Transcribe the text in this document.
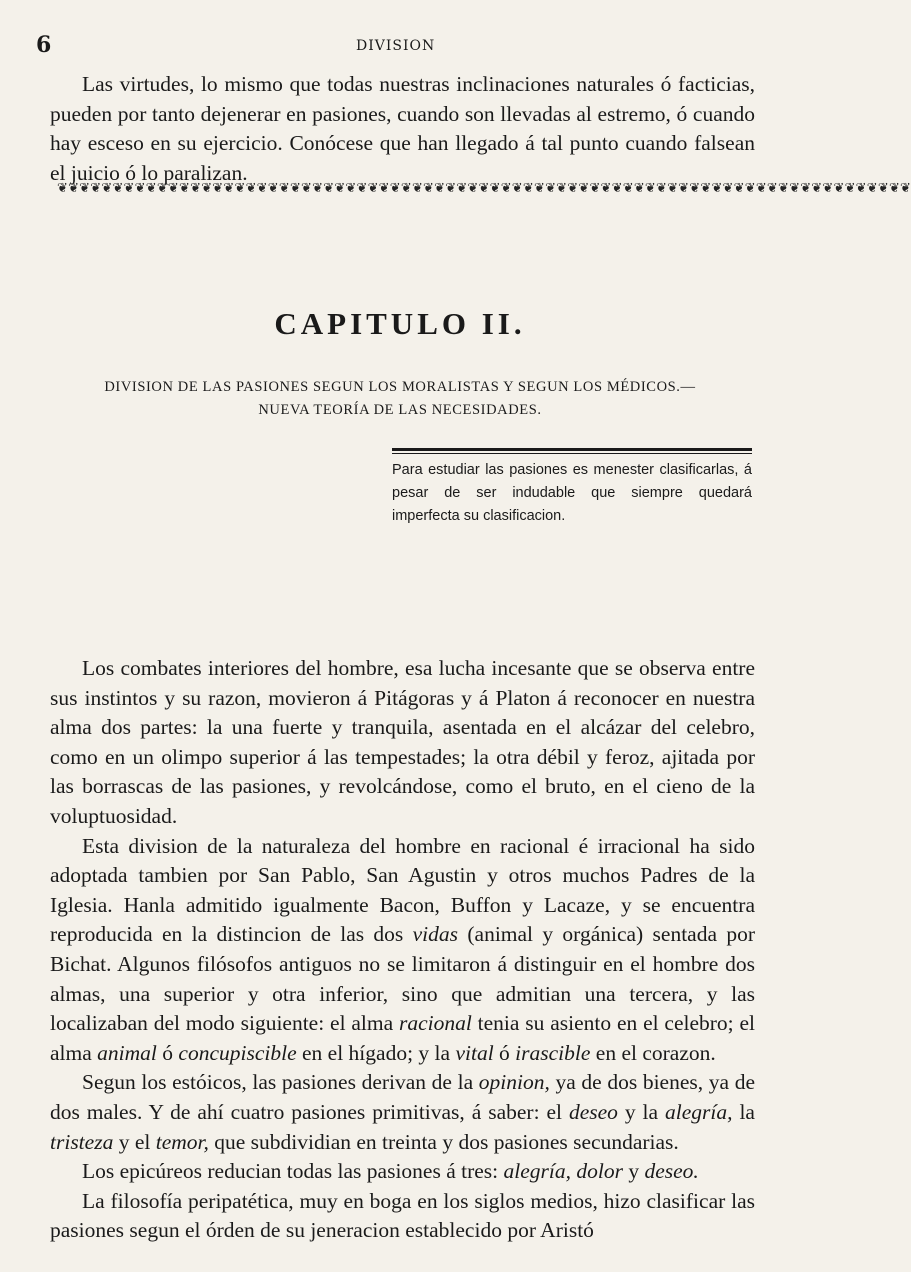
6	DIVISION

Las virtudes, lo mismo que todas nuestras inclinaciones naturales ó facticias, pueden por tanto dejenerar en pasiones, cuando son llevadas al estremo, ó cuando hay esceso en su ejercicio. Conócese que han llegado á tal punto cuando falsean el juicio ó lo paralizan.

❦❦❦❦❦❦❦❦❦❦❦❦❦❦❦❦❦❦❦❦❦❦❦❦❦❦❦❦❦❦❦❦❦❦❦❦❦❦❦❦❦❦❦❦❦❦❦❦❦❦❦❦❦❦❦❦❦❦❦❦❦❦❦❦❦❦❦❦❦❦❦❦❦❦❦❦❦
CAPITULO II.
DIVISION DE LAS PASIONES SEGUN LOS MORALISTAS Y SEGUN LOS MÉDICOS.—
NUEVA TEORÍA DE LAS NECESIDADES.

Para estudiar las pasiones es menester clasificarlas, á pesar de ser indudable que siempre quedará imperfecta su clasificacion.

Los combates interiores del hombre, esa lucha incesante que se observa entre sus instintos y su razon, movieron á Pitágoras y á Platon á reconocer en nuestra alma dos partes: la una fuerte y tranquila, asentada en el alcázar del celebro, como en un olimpo superior á las tempestades; la otra débil y feroz, ajitada por las borrascas de las pasiones, y revolcándose, como el bruto, en el cieno de la voluptuosidad.

Esta division de la naturaleza del hombre en racional é irracional ha sido adoptada tambien por San Pablo, San Agustin y otros muchos Padres de la Iglesia. Hanla admitido igualmente Bacon, Buffon y Lacaze, y se encuentra reproducida en la distincion de las dos vidas (animal y orgánica) sentada por Bichat. Algunos filósofos antiguos no se limitaron á distinguir en el hombre dos almas, una superior y otra inferior, sino que admitian una tercera, y las localizaban del modo siguiente: el alma racional tenia su asiento en el celebro; el alma animal ó concupiscible en el hígado; y la vital ó irascible en el corazon.

Segun los estóicos, las pasiones derivan de la opinion, ya de dos bienes, ya de dos males. Y de ahí cuatro pasiones primitivas, á saber: el deseo y la alegría, la tristeza y el temor, que subdividian en treinta y dos pasiones secundarias.

Los epicúreos reducian todas las pasiones á tres: alegría, dolor y deseo.

La filosofía peripatética, muy en boga en los siglos medios, hizo clasificar las pasiones segun el órden de su jeneracion establecido por Aristó
